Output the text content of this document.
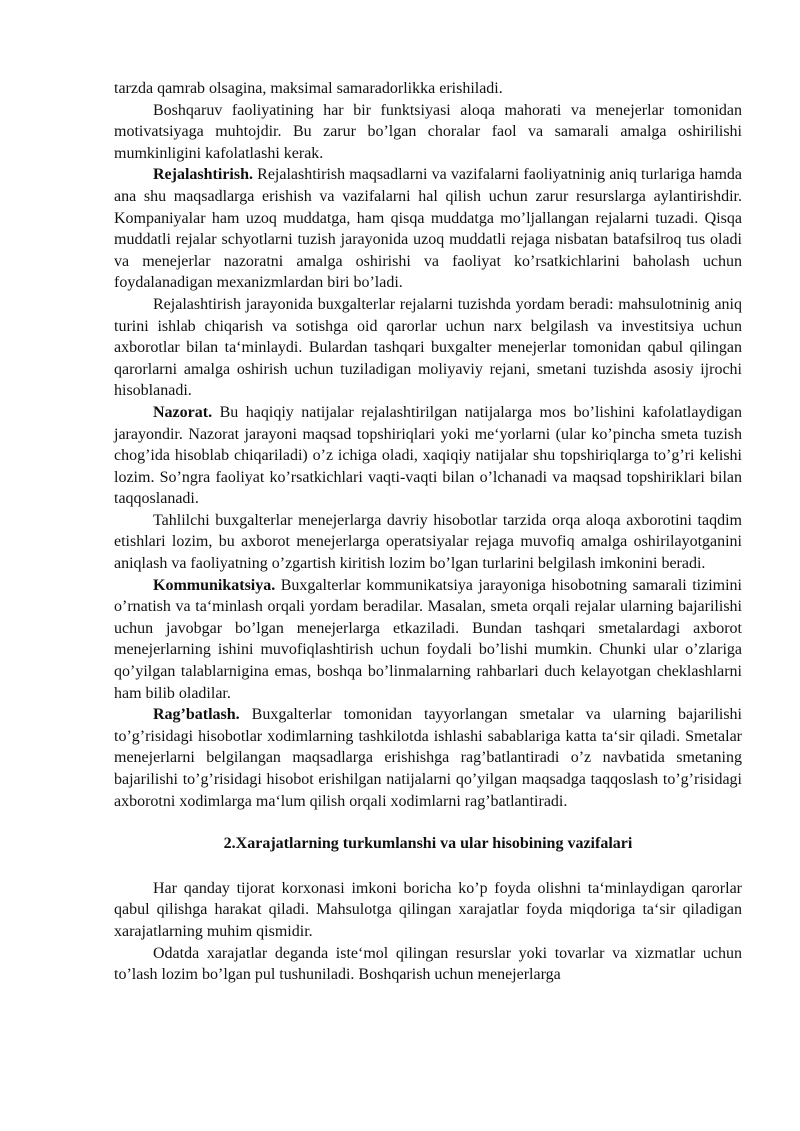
tarzda qamrab olsagina, maksimal samaradorlikka erishiladi.

Boshqaruv faoliyatining har bir funktsiyasi aloqa mahorati va menejerlar tomonidan motivatsiyaga muhtojdir. Bu zarur bo’lgan choralar faol va samarali amalga oshirilishi mumkinligini kafolatlashi kerak.

Rejalashtirish. Rejalashtirish maqsadlarni va vazifalarni faoliyatninig aniq turlariga hamda ana shu maqsadlarga erishish va vazifalarni hal qilish uchun zarur resurslarga aylantirishdir. Kompaniyalar ham uzoq muddatga, ham qisqa muddatga mo’ljallangan rejalarni tuzadi. Qisqa muddatli rejalar schyotlarni tuzish jarayonida uzoq muddatli rejaga nisbatan batafsilroq tus oladi va menejerlar nazoratni amalga oshirishi va faoliyat ko’rsatkichlarini baholash uchun foydalanadigan mexanizmlardan biri bo’ladi.

Rejalashtirish jarayonida buxgalterlar rejalarni tuzishda yordam beradi: mahsulotninig aniq turini ishlab chiqarish va sotishga oid qarorlar uchun narx belgilash va investitsiya uchun axborotlar bilan ta‘minlaydi. Bulardan tashqari buxgalter menejerlar tomonidan qabul qilingan qarorlarni amalga oshirish uchun tuziladigan moliyaviy rejani, smetani tuzishda asosiy ijrochi hisoblanadi.

Nazorat. Bu haqiqiy natijalar rejalashtirilgan natijalarga mos bo’lishini kafolatlaydigan jarayondir. Nazorat jarayoni maqsad topshiriqlari yoki me‘yorlarni (ular ko’pincha smeta tuzish chog’ida hisoblab chiqariladi) o’z ichiga oladi, xaqiqiy natijalar shu topshiriqlarga to’g’ri kelishi lozim. So’ngra faoliyat ko’rsatkichlari vaqti-vaqti bilan o’lchanadi va maqsad topshiriklari bilan taqqoslanadi.

Tahlilchi buxgalterlar menejerlarga davriy hisobotlar tarzida orqa aloqa axborotini taqdim etishlari lozim, bu axborot menejerlarga operatsiyalar rejaga muvofiq amalga oshirilayotganini aniqlash va faoliyatning o’zgartish kiritish lozim bo’lgan turlarini belgilash imkonini beradi.

Kommunikatsiya. Buxgalterlar kommunikatsiya jarayoniga hisobotning samarali tizimini o’rnatish va ta‘minlash orqali yordam beradilar. Masalan, smeta orqali rejalar ularning bajarilishi uchun javobgar bo’lgan menejerlarga etkaziladi. Bundan tashqari smetalardagi axborot menejerlarning ishini muvofiqlashtirish uchun foydali bo’lishi mumkin. Chunki ular o’zlariga qo’yilgan talablarnigina emas, boshqa bo’linmalarning rahbarlari duch kelayotgan cheklashlarni ham bilib oladilar.

Rag’batlash. Buxgalterlar tomonidan tayyorlangan smetalar va ularning bajarilishi to’g’risidagi hisobotlar xodimlarning tashkilotda ishlashi sabablariga katta ta‘sir qiladi. Smetalar menejerlarni belgilangan maqsadlarga erishishga rag’batlantiradi o’z navbatida smetaning bajarilishi to’g’risidagi hisobot erishilgan natijalarni qo’yilgan maqsadga taqqoslash to’g’risidagi axborotni xodimlarga ma‘lum qilish orqali xodimlarni rag’batlantiradi.

2.Xarajatlarning turkumlanshi va ular hisobining vazifalari

Har qanday tijorat korxonasi imkoni boricha ko’p foyda olishni ta‘minlaydigan qarorlar qabul qilishga harakat qiladi. Mahsulotga qilingan xarajatlar foyda miqdoriga ta‘sir qiladigan xarajatlarning muhim qismidir.

Odatda xarajatlar deganda iste‘mol qilingan resurslar yoki tovarlar va xizmatlar uchun to’lash lozim bo’lgan pul tushuniladi. Boshqarish uchun menejerlarga
